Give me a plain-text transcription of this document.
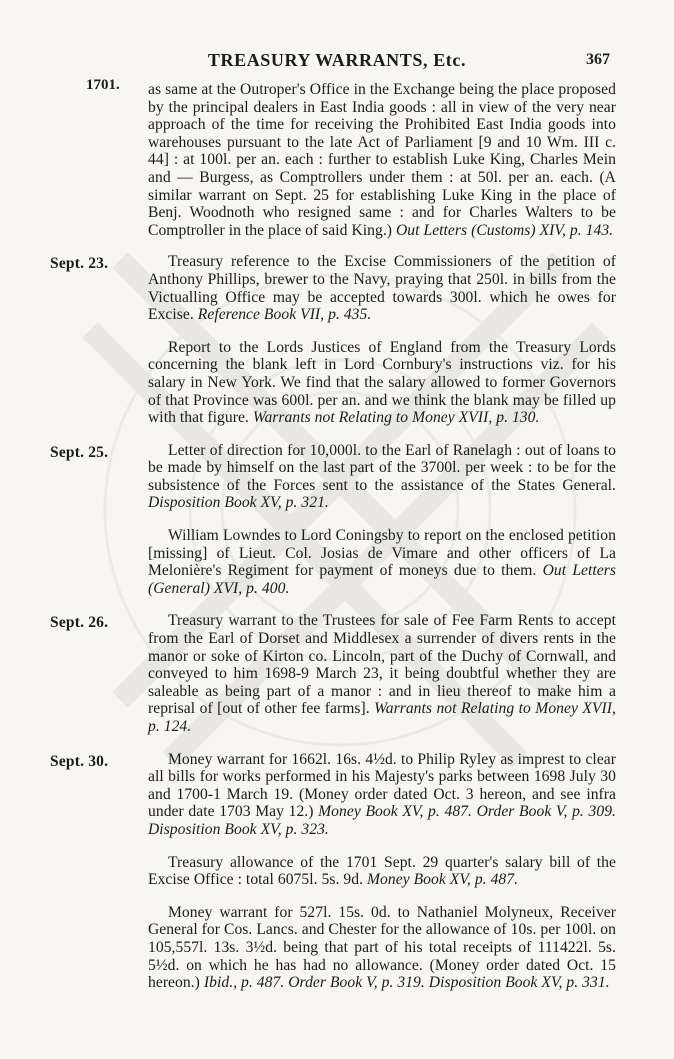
TREASURY WARRANTS, Etc.	367
1701. as same at the Outroper's Office in the Exchange being the place proposed by the principal dealers in East India goods : all in view of the very near approach of the time for receiving the Prohibited East India goods into warehouses pursuant to the late Act of Parliament [9 and 10 Wm. III c. 44] : at 100l. per an. each : further to establish Luke King, Charles Mein and — Burgess, as Comptrollers under them : at 50l. per an. each. (A similar warrant on Sept. 25 for establishing Luke King in the place of Benj. Woodnoth who resigned same : and for Charles Walters to be Comptroller in the place of said King.) Out Letters (Customs) XIV, p. 143.
Sept. 23.	Treasury reference to the Excise Commissioners of the petition of Anthony Phillips, brewer to the Navy, praying that 250l. in bills from the Victualling Office may be accepted towards 300l. which he owes for Excise. Reference Book VII, p. 435.
Report to the Lords Justices of England from the Treasury Lords concerning the blank left in Lord Cornbury's instructions viz. for his salary in New York. We find that the salary allowed to former Governors of that Province was 600l. per an. and we think the blank may be filled up with that figure. Warrants not Relating to Money XVII, p. 130.
Sept. 25.	Letter of direction for 10,000l. to the Earl of Ranelagh : out of loans to be made by himself on the last part of the 3700l. per week : to be for the subsistence of the Forces sent to the assistance of the States General. Disposition Book XV, p. 321.
William Lowndes to Lord Coningsby to report on the enclosed petition [missing] of Lieut. Col. Josias de Vimare and other officers of La Melonière's Regiment for payment of moneys due to them. Out Letters (General) XVI, p. 400.
Sept. 26.	Treasury warrant to the Trustees for sale of Fee Farm Rents to accept from the Earl of Dorset and Middlesex a surrender of divers rents in the manor or soke of Kirton co. Lincoln, part of the Duchy of Cornwall, and conveyed to him 1698-9 March 23, it being doubtful whether they are saleable as being part of a manor : and in lieu thereof to make him a reprisal of [out of other fee farms]. Warrants not Relating to Money XVII, p. 124.
Sept. 30.	Money warrant for 1662l. 16s. 4½d. to Philip Ryley as imprest to clear all bills for works performed in his Majesty's parks between 1698 July 30 and 1700-1 March 19. (Money order dated Oct. 3 hereon, and see infra under date 1703 May 12.) Money Book XV, p. 487. Order Book V, p. 309. Disposition Book XV, p. 323.
Treasury allowance of the 1701 Sept. 29 quarter's salary bill of the Excise Office : total 6075l. 5s. 9d. Money Book XV, p. 487.
Money warrant for 527l. 15s. 0d. to Nathaniel Molyneux, Receiver General for Cos. Lancs. and Chester for the allowance of 10s. per 100l. on 105,557l. 13s. 3½d. being that part of his total receipts of 111422l. 5s. 5½d. on which he has had no allowance. (Money order dated Oct. 15 hereon.) Ibid., p. 487. Order Book V, p. 319. Disposition Book XV, p. 331.
